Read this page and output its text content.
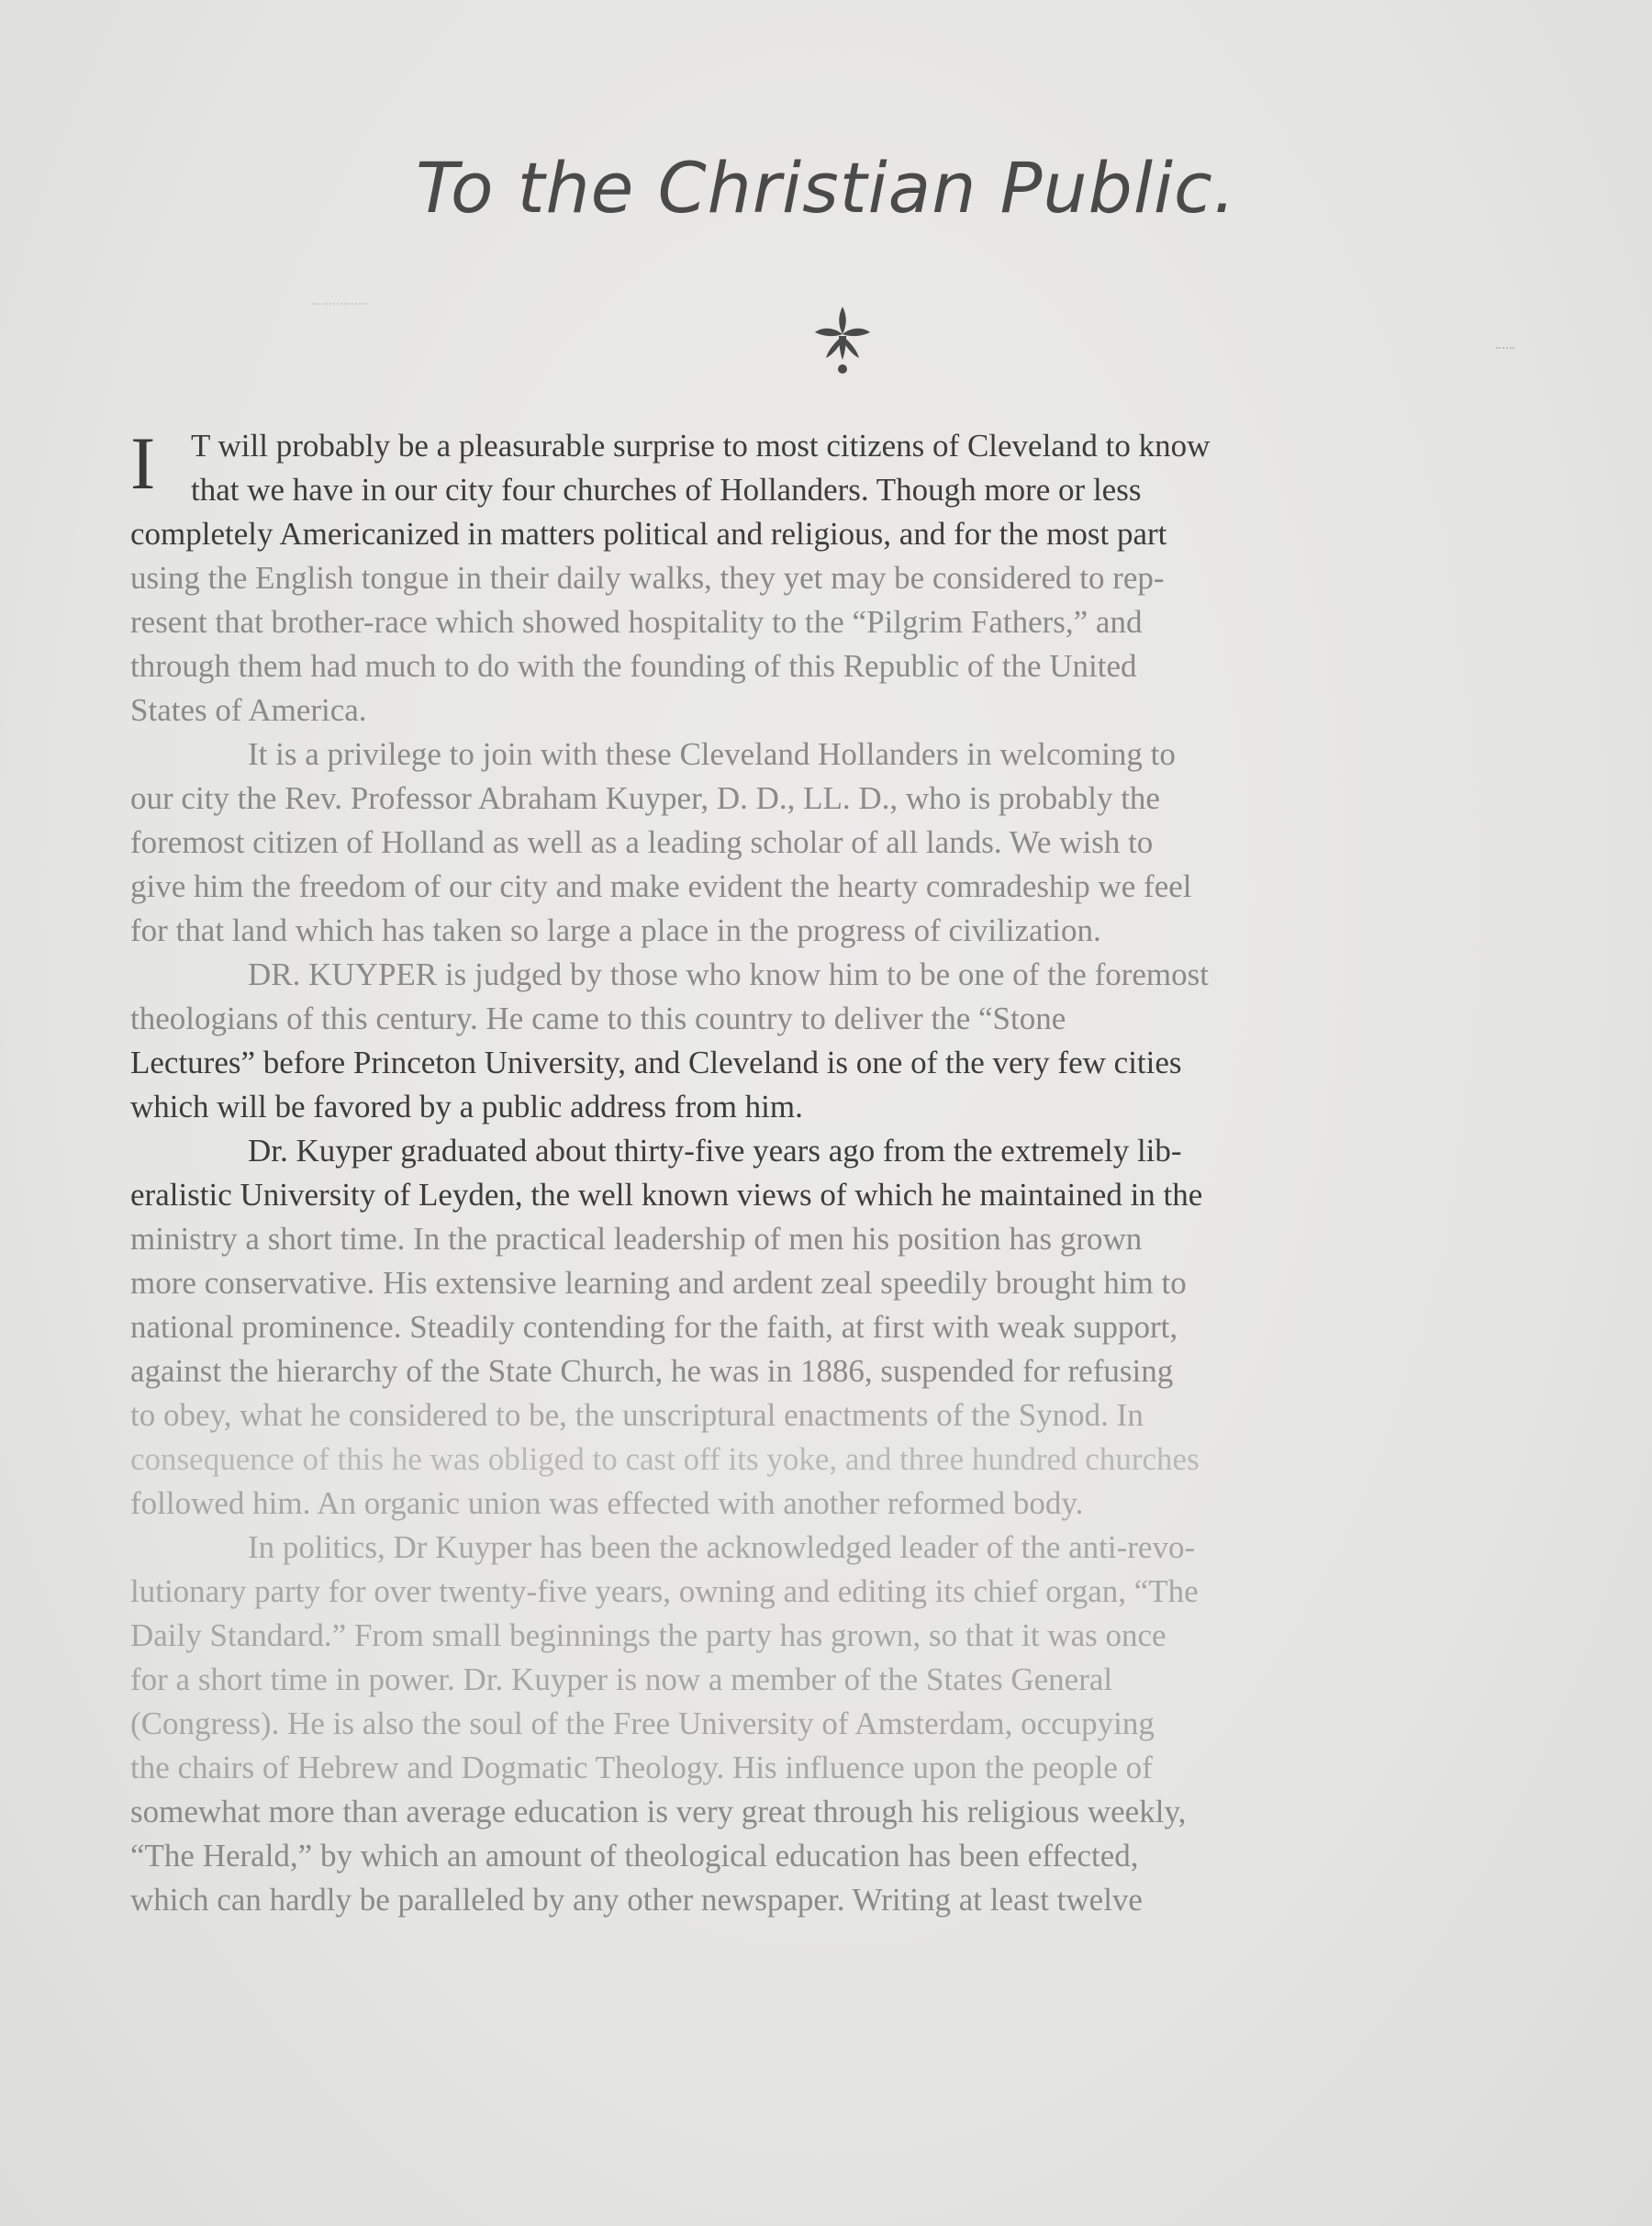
To the Christian Public.
I	T will probably be a pleasurable surprise to most citizens of Cleveland to know
that we have in our city four churches of Hollanders. Though more or less
completely Americanized in matters political and religious, and for the most part
using the English tongue in their daily walks, they yet may be considered to rep-
resent that brother-race which showed hospitality to the “Pilgrim Fathers,” and
through them had much to do with the founding of this Republic of the United
States of America.
It is a privilege to join with these Cleveland Hollanders in welcoming to
our city the Rev. Professor Abraham Kuyper, D. D., LL. D., who is probably the
foremost citizen of Holland as well as a leading scholar of all lands. We wish to
give him the freedom of our city and make evident the hearty comradeship we feel
for that land which has taken so large a place in the progress of civilization.
DR. KUYPER is judged by those who know him to be one of the foremost
theologians of this century. He came to this country to deliver the “Stone
Lectures” before Princeton University, and Cleveland is one of the very few cities
which will be favored by a public address from him.
Dr. Kuyper graduated about thirty-five years ago from the extremely lib-
eralistic University of Leyden, the well known views of which he maintained in the
ministry a short time. In the practical leadership of men his position has grown
more conservative. His extensive learning and ardent zeal speedily brought him to
national prominence. Steadily contending for the faith, at first with weak support,
against the hierarchy of the State Church, he was in 1886, suspended for refusing
to obey, what he considered to be, the unscriptural enactments of the Synod. In
consequence of this he was obliged to cast off its yoke, and three hundred churches
followed him. An organic union was effected with another reformed body.
In politics, Dr Kuyper has been the acknowledged leader of the anti-revo-
lutionary party for over twenty-five years, owning and editing its chief organ, “The
Daily Standard.” From small beginnings the party has grown, so that it was once
for a short time in power. Dr. Kuyper is now a member of the States General
(Congress). He is also the soul of the Free University of Amsterdam, occupying
the chairs of Hebrew and Dogmatic Theology. His influence upon the people of
somewhat more than average education is very great through his religious weekly,
“The Herald,” by which an amount of theological education has been effected,
which can hardly be paralleled by any other newspaper. Writing at least twelve
